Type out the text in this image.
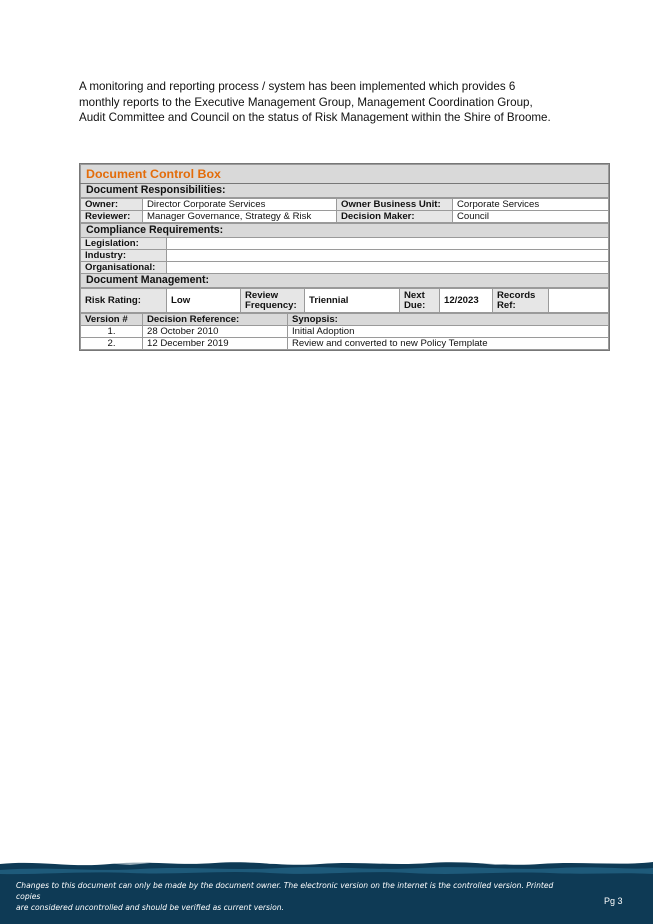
A monitoring and reporting process / system has been implemented which provides 6
monthly reports to the Executive Management Group, Management Coordination Group,
Audit Committee and Council on the status of Risk Management within the Shire of Broome.

Document Control Box
Document Responsibilities:
Owner:	Director Corporate Services	Owner Business Unit:	Corporate Services
Reviewer:	Manager Governance, Strategy & Risk	Decision Maker:	Council
Compliance Requirements:	
Legislation:	
Industry:	
Organisational:	
Document Management:	
Risk Rating:	Low	Review Frequency:	Triennial	Next Due:	12/2023	Records Ref:	
Version #	Decision Reference:	Synopsis:
1.	28 October 2010	Initial Adoption
2.	12 December 2019	Review and converted to new Policy Template

Changes to this document can only be made by the document owner. The electronic version on the internet is the controlled version. Printed copies
are considered uncontrolled and should be verified as current version.

Pg 3
